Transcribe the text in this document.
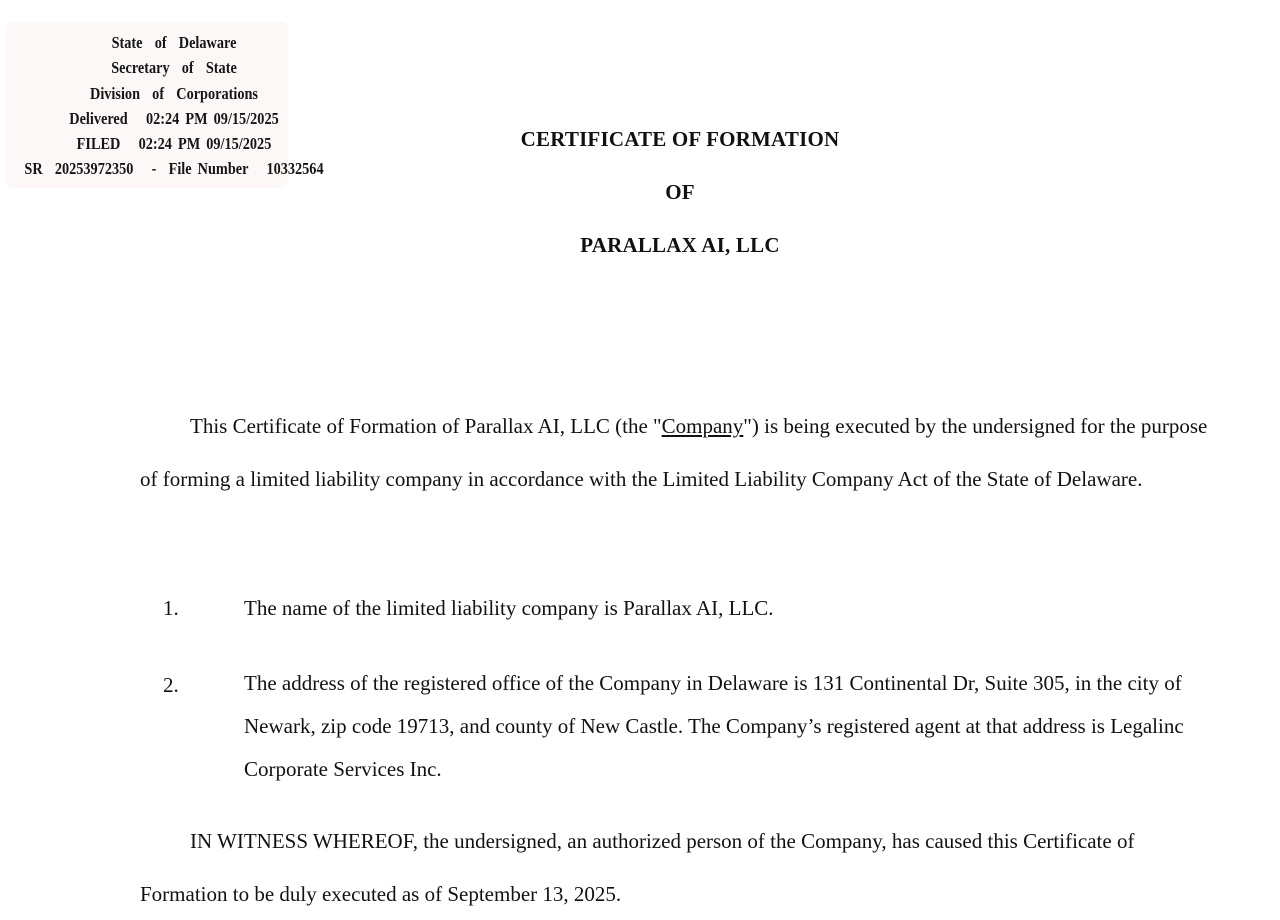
State  of  Delaware
Secretary  of  State
Division  of  Corporations
Delivered   02:24 PM 09/15/2025
FILED   02:24 PM 09/15/2025
SR  20253972350   -  File Number   10332564
CERTIFICATE OF FORMATION
OF
PARALLAX AI, LLC
This Certificate of Formation of Parallax AI, LLC (the "Company") is being executed by the undersigned for the purpose of forming a limited liability company in accordance with the Limited Liability Company Act of the State of Delaware.
1.	The name of the limited liability company is Parallax AI, LLC.
2.	The address of the registered office of the Company in Delaware is 131 Continental Dr, Suite 305, in the city of Newark, zip code 19713, and county of New Castle. The Company’s registered agent at that address is Legalinc Corporate Services Inc.
IN WITNESS WHEREOF, the undersigned, an authorized person of the Company, has caused this Certificate of Formation to be duly executed as of September 13, 2025.
